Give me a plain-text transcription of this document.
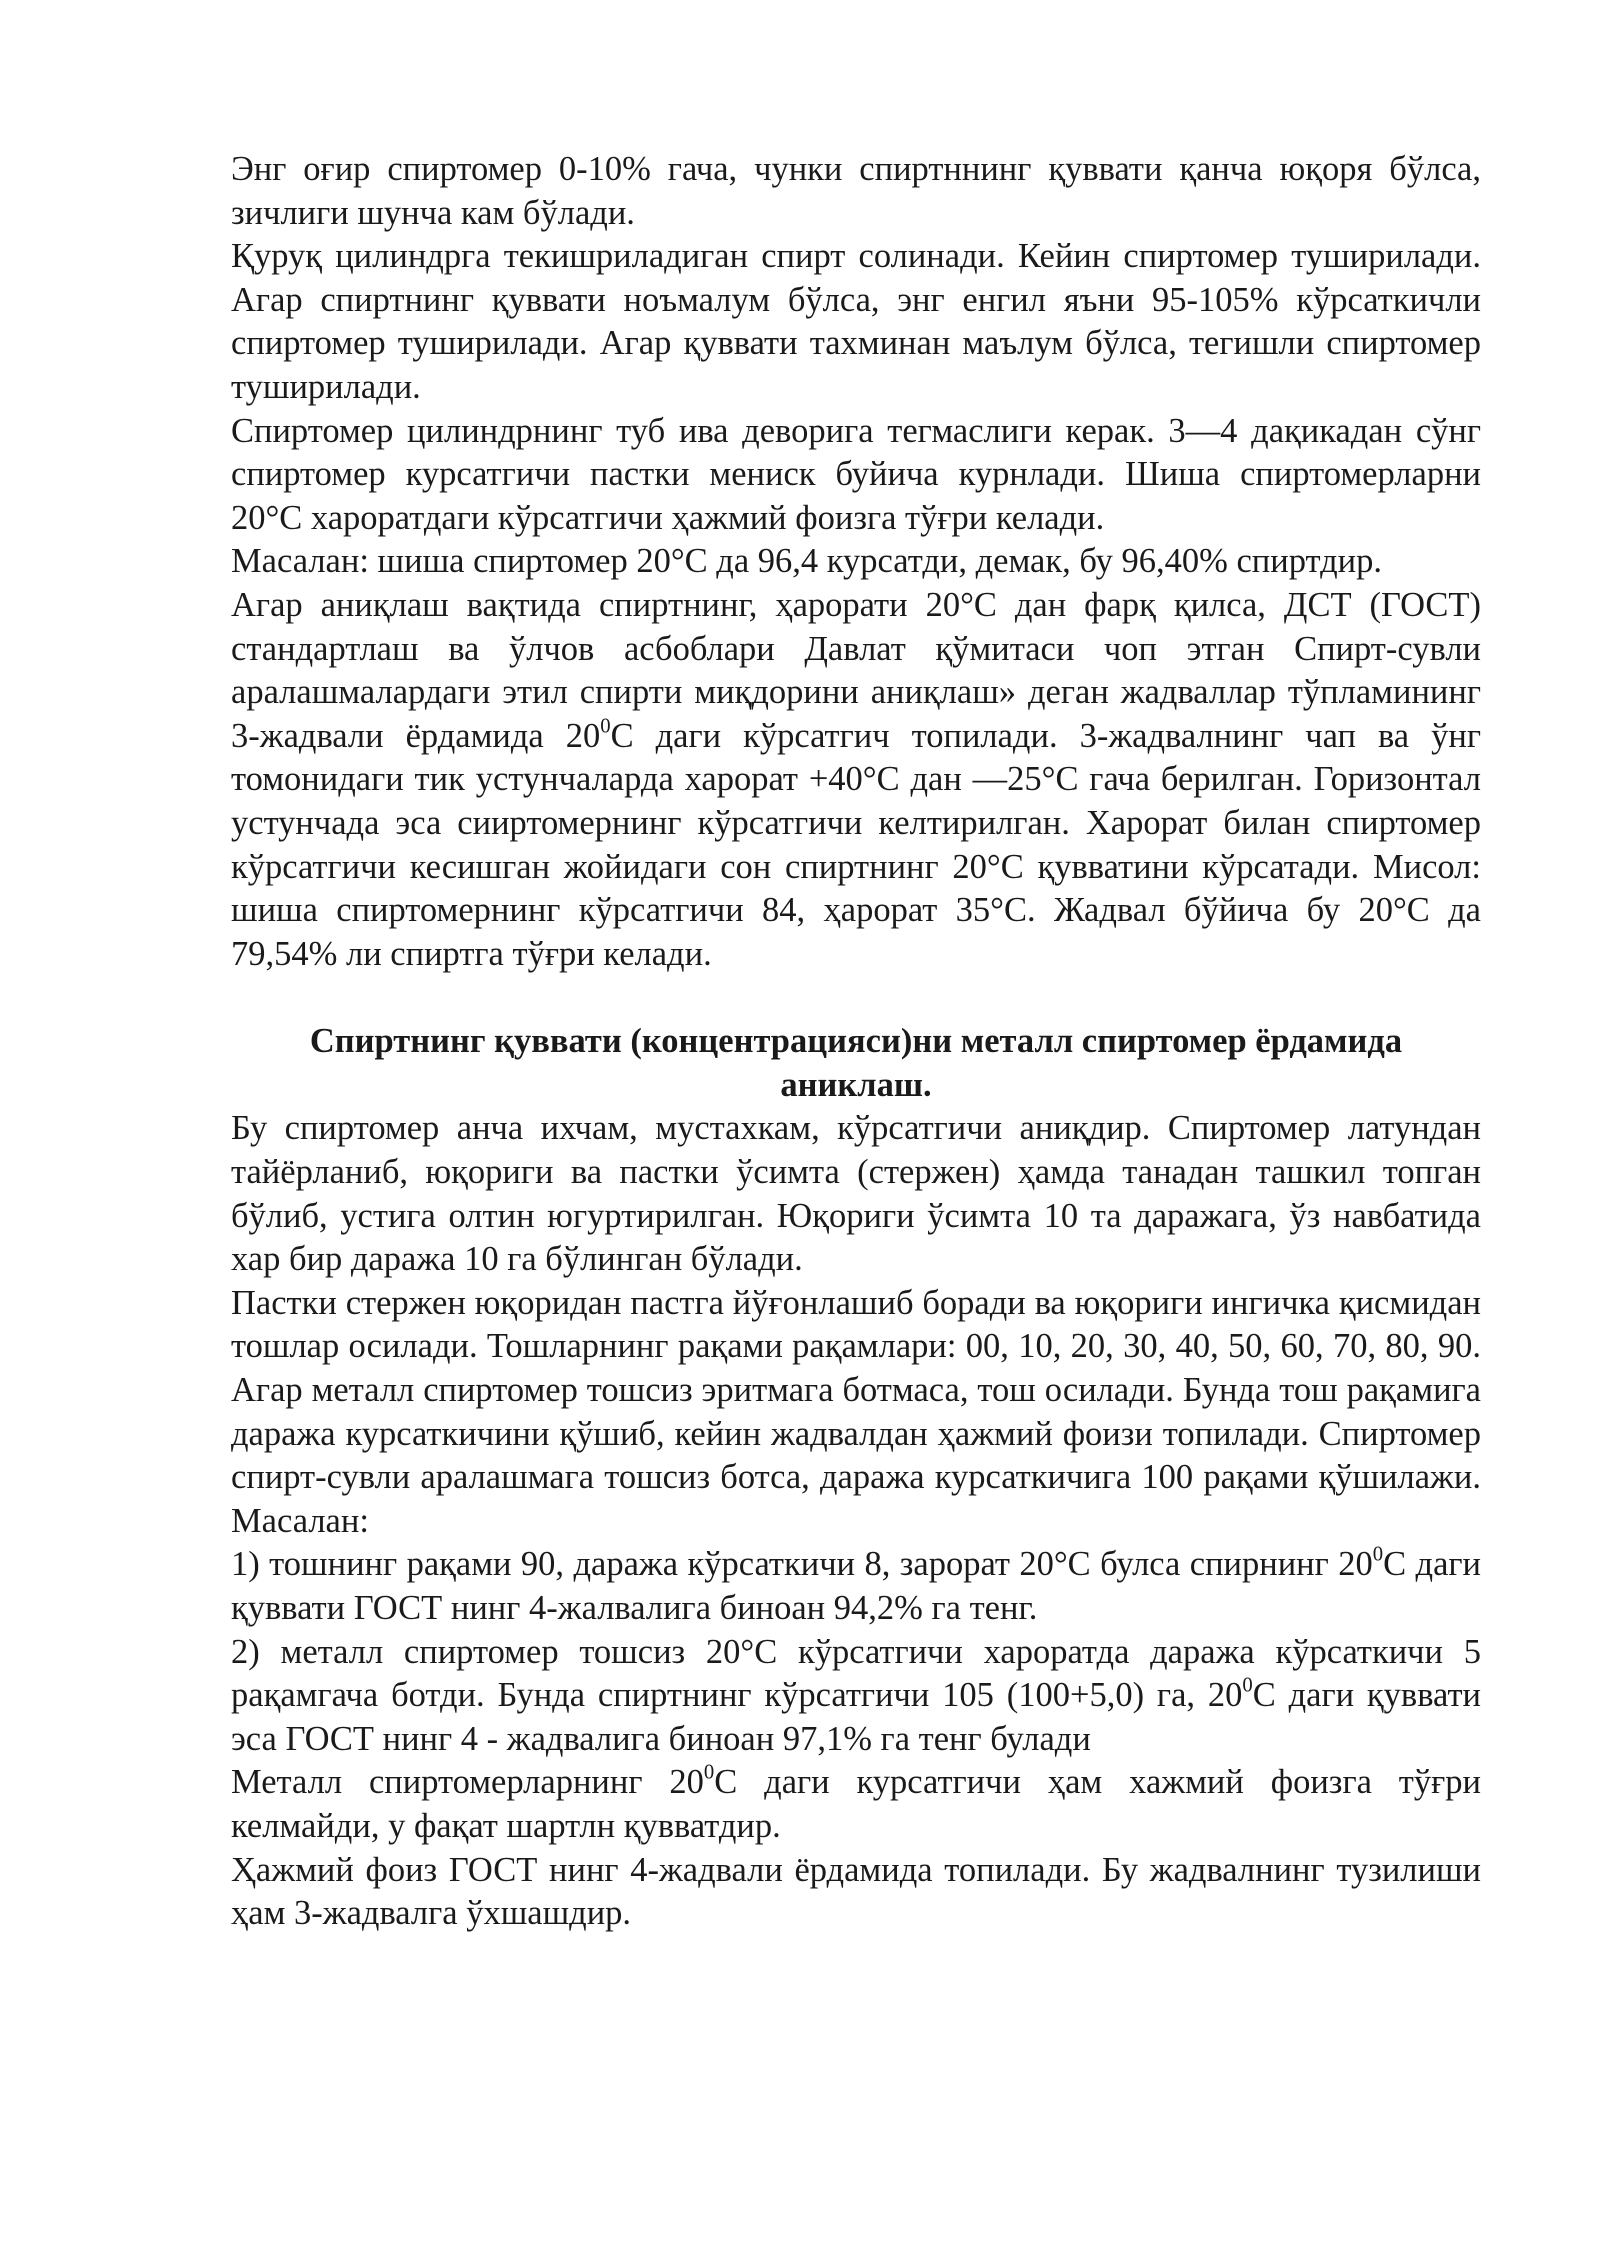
Энг оғир спиртомер 0-10% гача, чунки спиртннинг қуввати қанча юқоря бўлса, зичлиги шунча кам бўлади.

Қуруқ цилиндрга текишриладиган спирт солинади. Кейин спиртомер туширилади. Агар спиртнинг қуввати ноъмалум бўлса, энг енгил яъни 95-105% кўрсаткичли спиртомер туширилади. Агар қуввати тахминан маълум бўлса, тегишли спиртомер туширилади.

Спиртомер цилиндрнинг туб ива деворига тегмаслиги керак. 3—4 дақикадан сўнг спиртомер курсатгичи пастки мениск буйича курнлади. Шиша спиртомерларни 20°С хароратдаги кўрсатгичи ҳажмий фоизга тўғри келади.

Масалан: шиша спиртомер 20°С да 96,4 курсатди, демак, бу 96,40% спиртдир.

Агар аниқлаш вақтида спиртнинг, ҳарорати 20°С дан фарқ қилса, ДСТ (ГОСТ) стандартлаш ва ўлчов асбоблари Давлат қўмитаси чоп этган Спирт-сувли аралашмалардаги этил спирти миқдорини аниқлаш» деган жадваллар тўпламининг 3-жадвали ёрдамида $20^0С$ даги кўрсатгич топилади. 3-жадвалнинг чап ва ўнг томонидаги тик устунчаларда харорат +40°С дан —25°С гача берилган. Горизонтал устунчада эса сииртомернинг кўрсатгичи келтирилган. Харорат билан спиртомер кўрсатгичи кесишган жойидаги сон спиртнинг 20°С қувватини кўрсатади. Мисол: шиша спиртомернинг кўрсатгичи 84, ҳарорат 35°С. Жадвал бўйича бу 20°С да 79,54% ли спиртга тўғри келади.

Спиртнинг қуввати (концентрацияси)ни металл спиртомер ёрдамида аниклаш.

Бу спиртомер анча ихчам, мустахкам, кўрсатгичи аниқдир. Спиртомер латундан тайёрланиб, юқориги ва пастки ўсимта (стержен) ҳамда танадан ташкил топган бўлиб, устига олтин югуртирилган. Юқориги ўсимта 10 та даражага, ўз навбатида хар бир даража 10 га бўлинган бўлади.

Пастки стержен юқоридан пастга йўғонлашиб боради ва юқориги ингичка қисмидан тошлар осилади. Тошларнинг рақами рақамлари: 00, 10, 20, 30, 40, 50, 60, 70, 80, 90. Агар металл спиртомер тошсиз эритмага ботмаса, тош осилади. Бунда тош рақамига даража курсаткичини қўшиб, кейин жадвалдан ҳажмий фоизи топилади. Спиртомер спирт-сувли аралашмага тошсиз ботса, даража курсаткичига 100 рақами қўшилажи. Масалан:

1) тошнинг рақами 90, даража кўрсаткичи 8, зарорат 20°С булса спирнинг $20^0С$ даги қуввати ГОСТ нинг 4-жалвалига биноан 94,2% га тенг.

2) металл спиртомер тошсиз 20°С кўрсатгичи хароратда даража кўрсаткичи 5 рақамгача ботди. Бунда спиртнинг кўрсатгичи 105 (100+5,0) га, $20^0С$ даги қуввати эса ГОСТ нинг 4 - жадвалига биноан 97,1% га тенг булади

Металл спиртомерларнинг $20^0С$ даги курсатгичи ҳам хажмий фоизга тўғри келмайди, у фақат шартлн қувватдир.

Ҳажмий фоиз ГОСТ нинг 4-жадвали ёрдамида топилади. Бу жадвалнинг тузилиши ҳам 3-жадвалга ўхшашдир.
